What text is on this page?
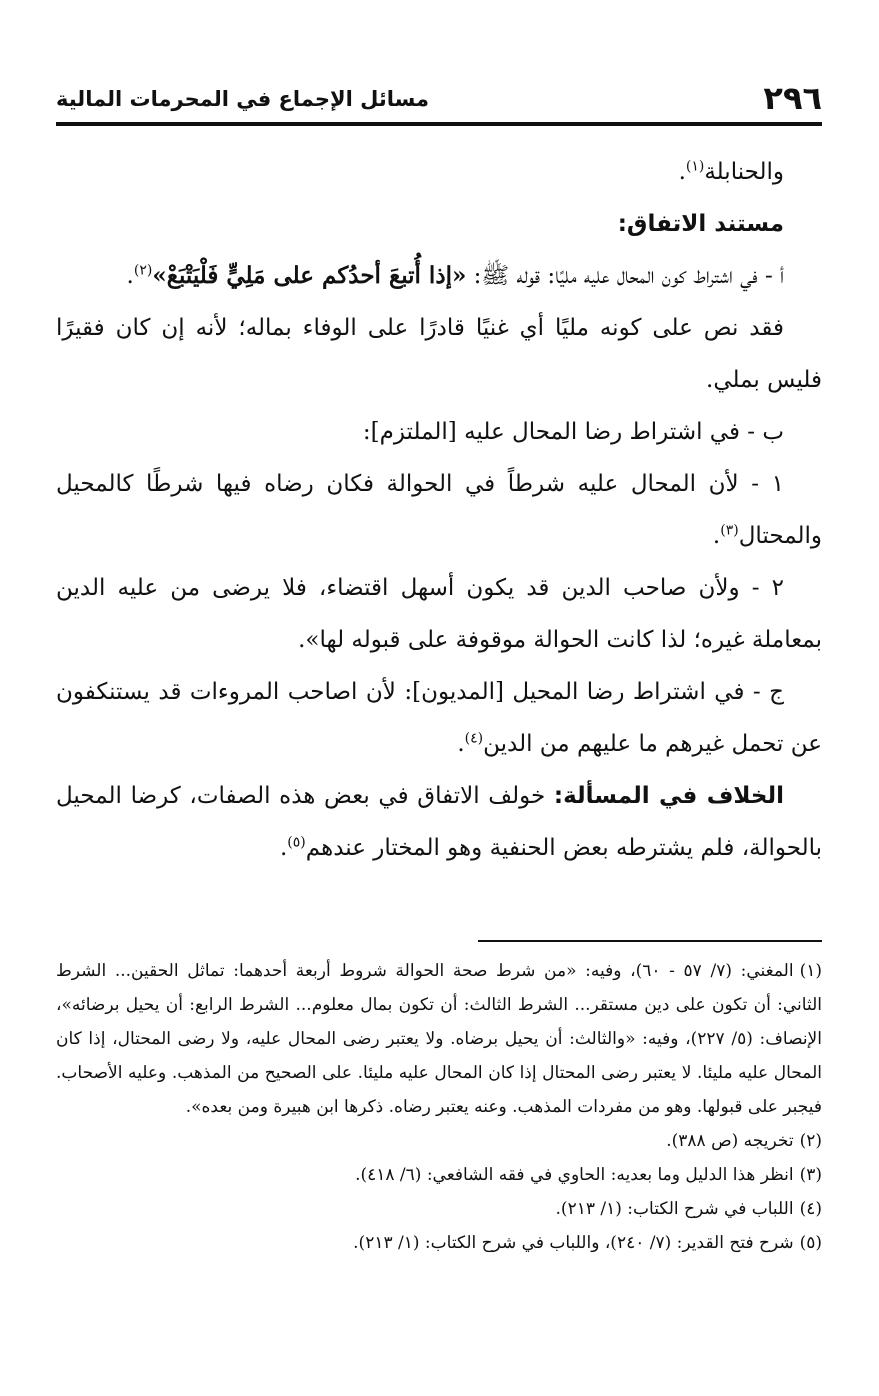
٢٩٦
مسائل الإجماع في المحرمات المالية

والحنابلة$^{(١)}$.

مستند الاتفاق:

أ - في اشتراط كون المحال عليه مليًا: قوله ﷺ: «إذا أُتبعَ أحدُكم على مَلِيٍّ فَلْيَتْبَعْ»$^{(٢)}$.

فقد نص على كونه مليًا أي غنيًا قادرًا على الوفاء بماله؛ لأنه إن كان فقيرًا فليس بملي.

ب - في اشتراط رضا المحال عليه [الملتزم]:

١ - لأن المحال عليه شرطاً في الحوالة فكان رضاه فيها شرطًا كالمحيل والمحتال$^{(٣)}$.

٢ - ولأن صاحب الدين قد يكون أسهل اقتضاء، فلا يرضى من عليه الدين بمعاملة غيره؛ لذا كانت الحوالة موقوفة على قبوله لها».

ج - في اشتراط رضا المحيل [المديون]: لأن اصاحب المروءات قد يستنكفون عن تحمل غيرهم ما عليهم من الدين$^{(٤)}$.

الخلاف في المسألة: خولف الاتفاق في بعض هذه الصفات، كرضا المحيل بالحوالة، فلم يشترطه بعض الحنفية وهو المختار عندهم$^{(٥)}$.

(١)المغني: (٧/ ٥٧ - ٦٠)، وفيه: «من شرط صحة الحوالة شروط أربعة أحدهما: تماثل الحقين... الشرط الثاني: أن تكون على دين مستقر... الشرط الثالث: أن تكون بمال معلوم... الشرط الرابع: أن يحيل برضائه»، الإنصاف: (٥/ ٢٢٧)، وفيه: «والثالث: أن يحيل برضاه. ولا يعتبر رضى المحال عليه، ولا رضى المحتال، إذا كان المحال عليه مليئا. لا يعتبر رضى المحتال إذا كان المحال عليه مليئا. على الصحيح من المذهب. وعليه الأصحاب. فيجبر على قبولها. وهو من مفردات المذهب. وعنه يعتبر رضاه. ذكرها ابن هبيرة ومن بعده».

(٢)تخريجه (ص ٣٨٨).

(٣)انظر هذا الدليل وما بعديه: الحاوي في فقه الشافعي: (٦/ ٤١٨).

(٤)اللباب في شرح الكتاب: (١/ ٢١٣).

(٥)شرح فتح القدير: (٧/ ٢٤٠)، واللباب في شرح الكتاب: (١/ ٢١٣).
